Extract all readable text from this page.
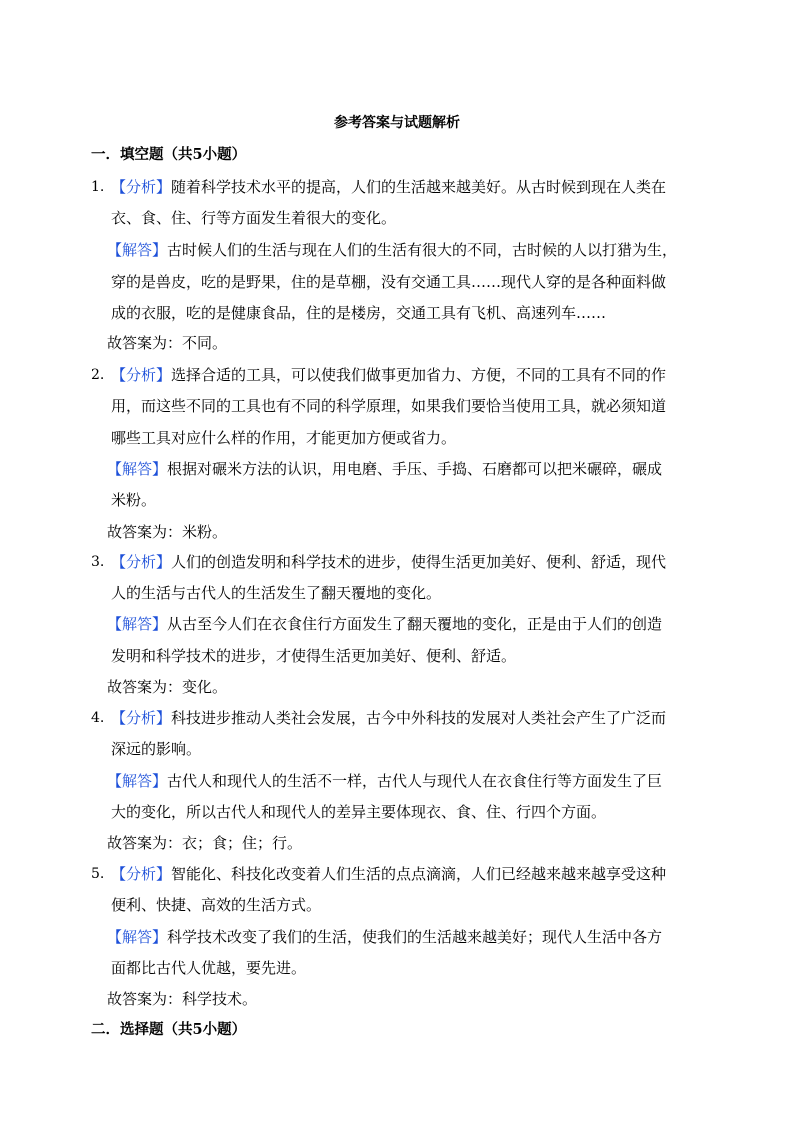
参考答案与试题解析
一．填空题（共5小题）
1. 【分析】随着科学技术水平的提高，人们的生活越来越美好。从古时候到现在人类在
衣、食、住、行等方面发生着很大的变化。
【解答】古时候人们的生活与现在人们的生活有很大的不同，古时候的人以打猎为生，
穿的是兽皮，吃的是野果，住的是草棚，没有交通工具……现代人穿的是各种面料做
成的衣服，吃的是健康食品，住的是楼房，交通工具有飞机、高速列车……
故答案为：不同。
2. 【分析】选择合适的工具，可以使我们做事更加省力、方便，不同的工具有不同的作
用，而这些不同的工具也有不同的科学原理，如果我们要恰当使用工具，就必须知道
哪些工具对应什么样的作用，才能更加方便或省力。
【解答】根据对碾米方法的认识，用电磨、手压、手捣、石磨都可以把米碾碎，碾成
米粉。
故答案为：米粉。
3. 【分析】人们的创造发明和科学技术的进步，使得生活更加美好、便利、舒适，现代
人的生活与古代人的生活发生了翻天覆地的变化。
【解答】从古至今人们在衣食住行方面发生了翻天覆地的变化，正是由于人们的创造
发明和科学技术的进步，才使得生活更加美好、便利、舒适。
故答案为：变化。
4. 【分析】科技进步推动人类社会发展，古今中外科技的发展对人类社会产生了广泛而
深远的影响。
【解答】古代人和现代人的生活不一样，古代人与现代人在衣食住行等方面发生了巨
大的变化，所以古代人和现代人的差异主要体现衣、食、住、行四个方面。
故答案为：衣；食；住；行。
5. 【分析】智能化、科技化改变着人们生活的点点滴滴，人们已经越来越来越享受这种
便利、快捷、高效的生活方式。
【解答】科学技术改变了我们的生活，使我们的生活越来越美好；现代人生活中各方
面都比古代人优越，要先进。
故答案为：科学技术。
二．选择题（共5小题）
